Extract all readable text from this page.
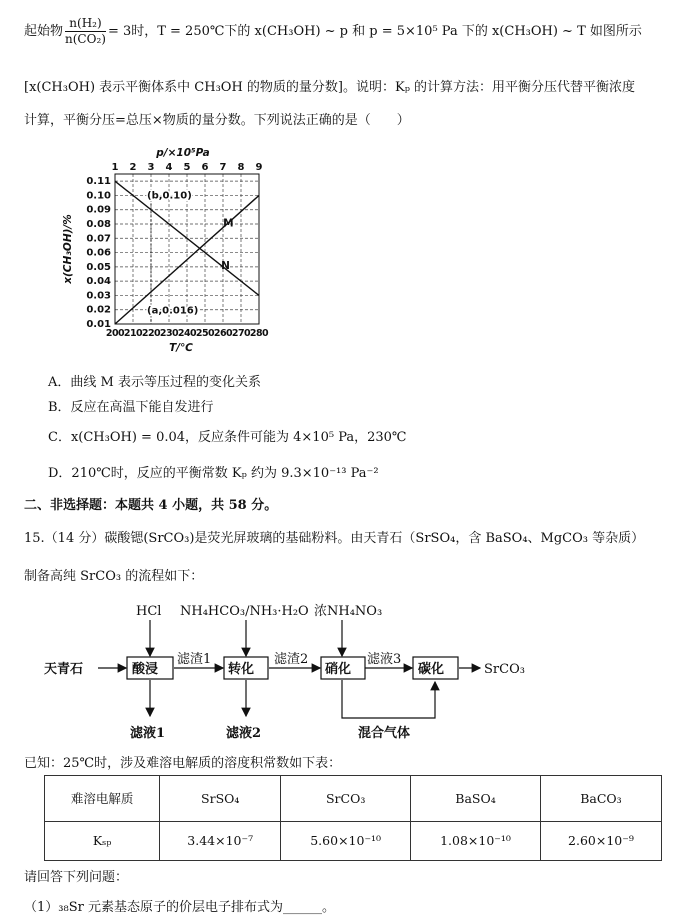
起始物 $\frac{\text{n(H₂)}}{\text{n(CO₂)}} = 3$时，T = 250℃下的 x(CH₃OH) ~ p 和 p = 5×10⁵ Pa 下的 x(CH₃OH) ~ T 如图所示
[x(CH₃OH) 表示平衡体系中 CH₃OH 的物质的量分数]。说明：Kₚ 的计算方法：用平衡分压代替平衡浓度
计算，平衡分压=总压×物质的量分数。下列说法正确的是（　　）
1 2 3 4 5 6 7 8 9
200 210 220 230 240 250 260 270 280
0.01
0.02
0.03
0.04
0.05
0.06
0.07
0.08
0.09
0.10
0.11
p/×10⁵Pa
T/℃
x(CH₃OH)/%	M
N
(b,0.10)
(a,0.016)
A．曲线 M 表示等压过程的变化关系
B．反应在高温下能自发进行
C．x(CH₃OH) = 0.04，反应条件可能为 4×10⁵ Pa，230℃
D．210℃时，反应的平衡常数 Kₚ 约为 9.3×10⁻¹³ Pa⁻²
二、非选择题：本题共 4 小题，共 58 分。
15.（14 分）碳酸锶(SrCO₃)是荧光屏玻璃的基础粉料。由天青石（SrSO₄，含 BaSO₄、MgCO₃ 等杂质）
制备高纯 SrCO₃ 的流程如下：
天青石	酸浸	转化	硝化	碳化
HCl NH₄HCO₃/NH₃·H₂O 浓NH₄NO₃
滤渣1	滤渣2	滤液3
SrCO₃
滤液1	滤液2	混合气体
已知：25℃时，涉及难溶电解质的溶度积常数如下表：
难溶电解质	SrSO₄	SrCO₃	BaSO₄	BaCO₃
Kₛₚ	3.44×10⁻⁷	5.60×10⁻¹⁰	1.08×10⁻¹⁰	2.60×10⁻⁹
请回答下列问题：
（1）₃₈Sr 元素基态原子的价层电子排布式为______。
